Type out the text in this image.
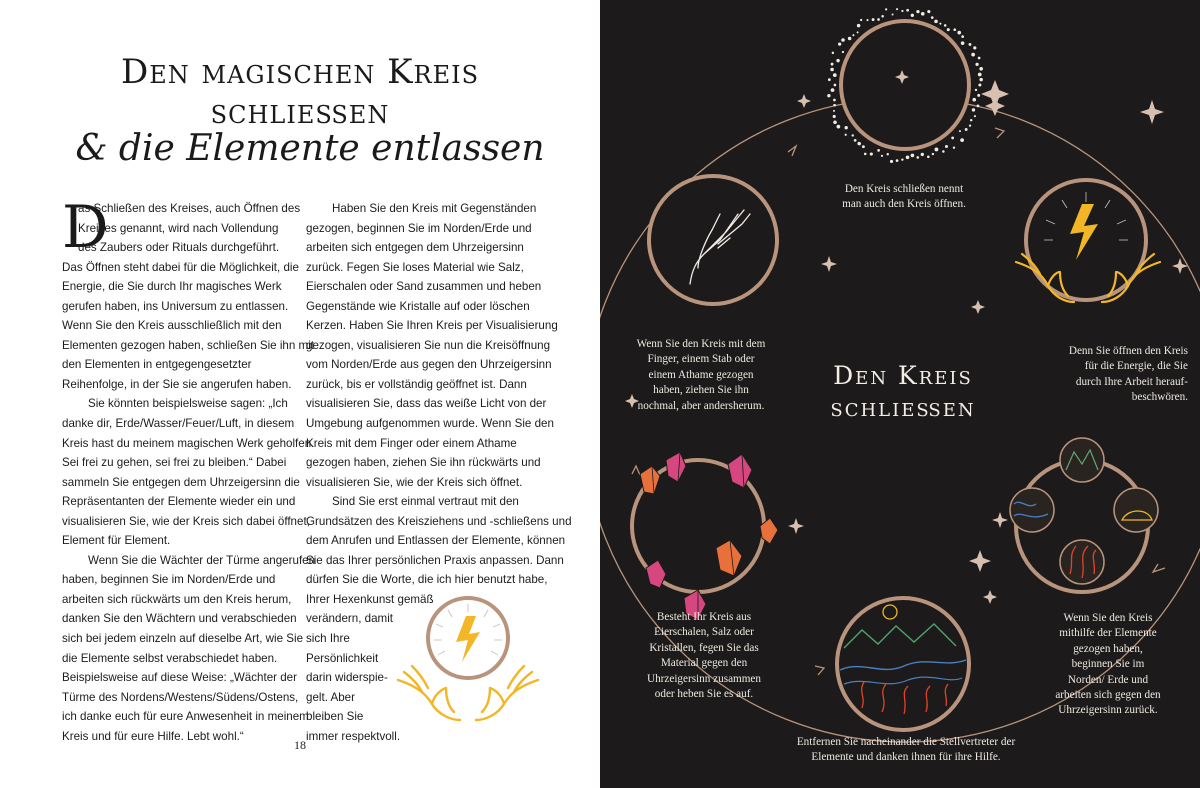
Den magischen Kreis
schließen
& die Elemente entlassen
D
as Schließen des Kreises, auch Öffnen des
Kreises genannt, wird nach Vollendung
des Zaubers oder Rituals durchgeführt.
Das Öffnen steht dabei für die Möglichkeit, die
Energie, die Sie durch Ihr magisches Werk
gerufen haben, ins Universum zu entlassen.
Wenn Sie den Kreis ausschließlich mit den
Elementen gezogen haben, schließen Sie ihn mit
den Elementen in entgegengesetzter
Reihenfolge, in der Sie sie angerufen haben.
Sie könnten beispielsweise sagen: „Ich
danke dir, Erde/Wasser/Feuer/Luft, in diesem
Kreis hast du meinem magischen Werk geholfen.
Sei frei zu gehen, sei frei zu bleiben.“ Dabei
sammeln Sie entgegen dem Uhrzeigersinn die
Repräsentanten der Elemente wieder ein und
visualisieren Sie, wie der Kreis sich dabei öffnet,
Element für Element.
Wenn Sie die Wächter der Türme angerufen
haben, beginnen Sie im Norden/Erde und
arbeiten sich rückwärts um den Kreis herum,
danken Sie den Wächtern und verabschieden
sich bei jedem einzeln auf dieselbe Art, wie Sie
die Elemente selbst verabschiedet haben.
Beispielsweise auf diese Weise: „Wächter der
Türme des Nordens/Westens/Südens/Ostens,
ich danke euch für eure Anwesenheit in meinem
Kreis und für eure Hilfe. Lebt wohl.“
Haben Sie den Kreis mit Gegenständen
gezogen, beginnen Sie im Norden/Erde und
arbeiten sich entgegen dem Uhrzeigersinn
zurück. Fegen Sie loses Material wie Salz,
Eierschalen oder Sand zusammen und heben
Gegenstände wie Kristalle auf oder löschen
Kerzen. Haben Sie Ihren Kreis per Visualisierung
gezogen, visualisieren Sie nun die Kreisöffnung
vom Norden/Erde aus gegen den Uhrzeigersinn
zurück, bis er vollständig geöffnet ist. Dann
visualisieren Sie, dass das weiße Licht von der
Umgebung aufgenommen wurde. Wenn Sie den
Kreis mit dem Finger oder einem Athame
gezogen haben, ziehen Sie ihn rückwärts und
visualisieren Sie, wie der Kreis sich öffnet.
Sind Sie erst einmal vertraut mit den
Grundsätzen des Kreisziehens und -schließens und
dem Anrufen und Entlassen der Elemente, können
Sie das Ihrer persönlichen Praxis anpassen. Dann
dürfen Sie die Worte, die ich hier benutzt habe,
Ihrer Hexenkunst gemäß
verändern, damit
sich Ihre
Persönlichkeit
darin widerspie-
gelt. Aber
bleiben Sie
immer respektvoll.
18
Den Kreis
schließen
Den Kreis schließen nennt
man auch den Kreis öffnen.
Wenn Sie den Kreis mit dem
Finger, einem Stab oder
einem Athame gezogen
haben, ziehen Sie ihn
nochmal, aber andersherum.
Denn Sie öffnen den Kreis
für die Energie, die Sie
durch Ihre Arbeit herauf-
beschwören.
Besteht Ihr Kreis aus
Eierschalen, Salz oder
Kristallen, fegen Sie das
Material gegen den
Uhrzeigersinn zusammen
oder heben Sie es auf.
Wenn Sie den Kreis
mithilfe der Elemente
gezogen haben,
beginnen Sie im
Norden/ Erde und
arbeiten sich gegen den
Uhrzeigersinn zurück.
Entfernen Sie nacheinander die Stellvertreter der
Elemente und danken ihnen für ihre Hilfe.
